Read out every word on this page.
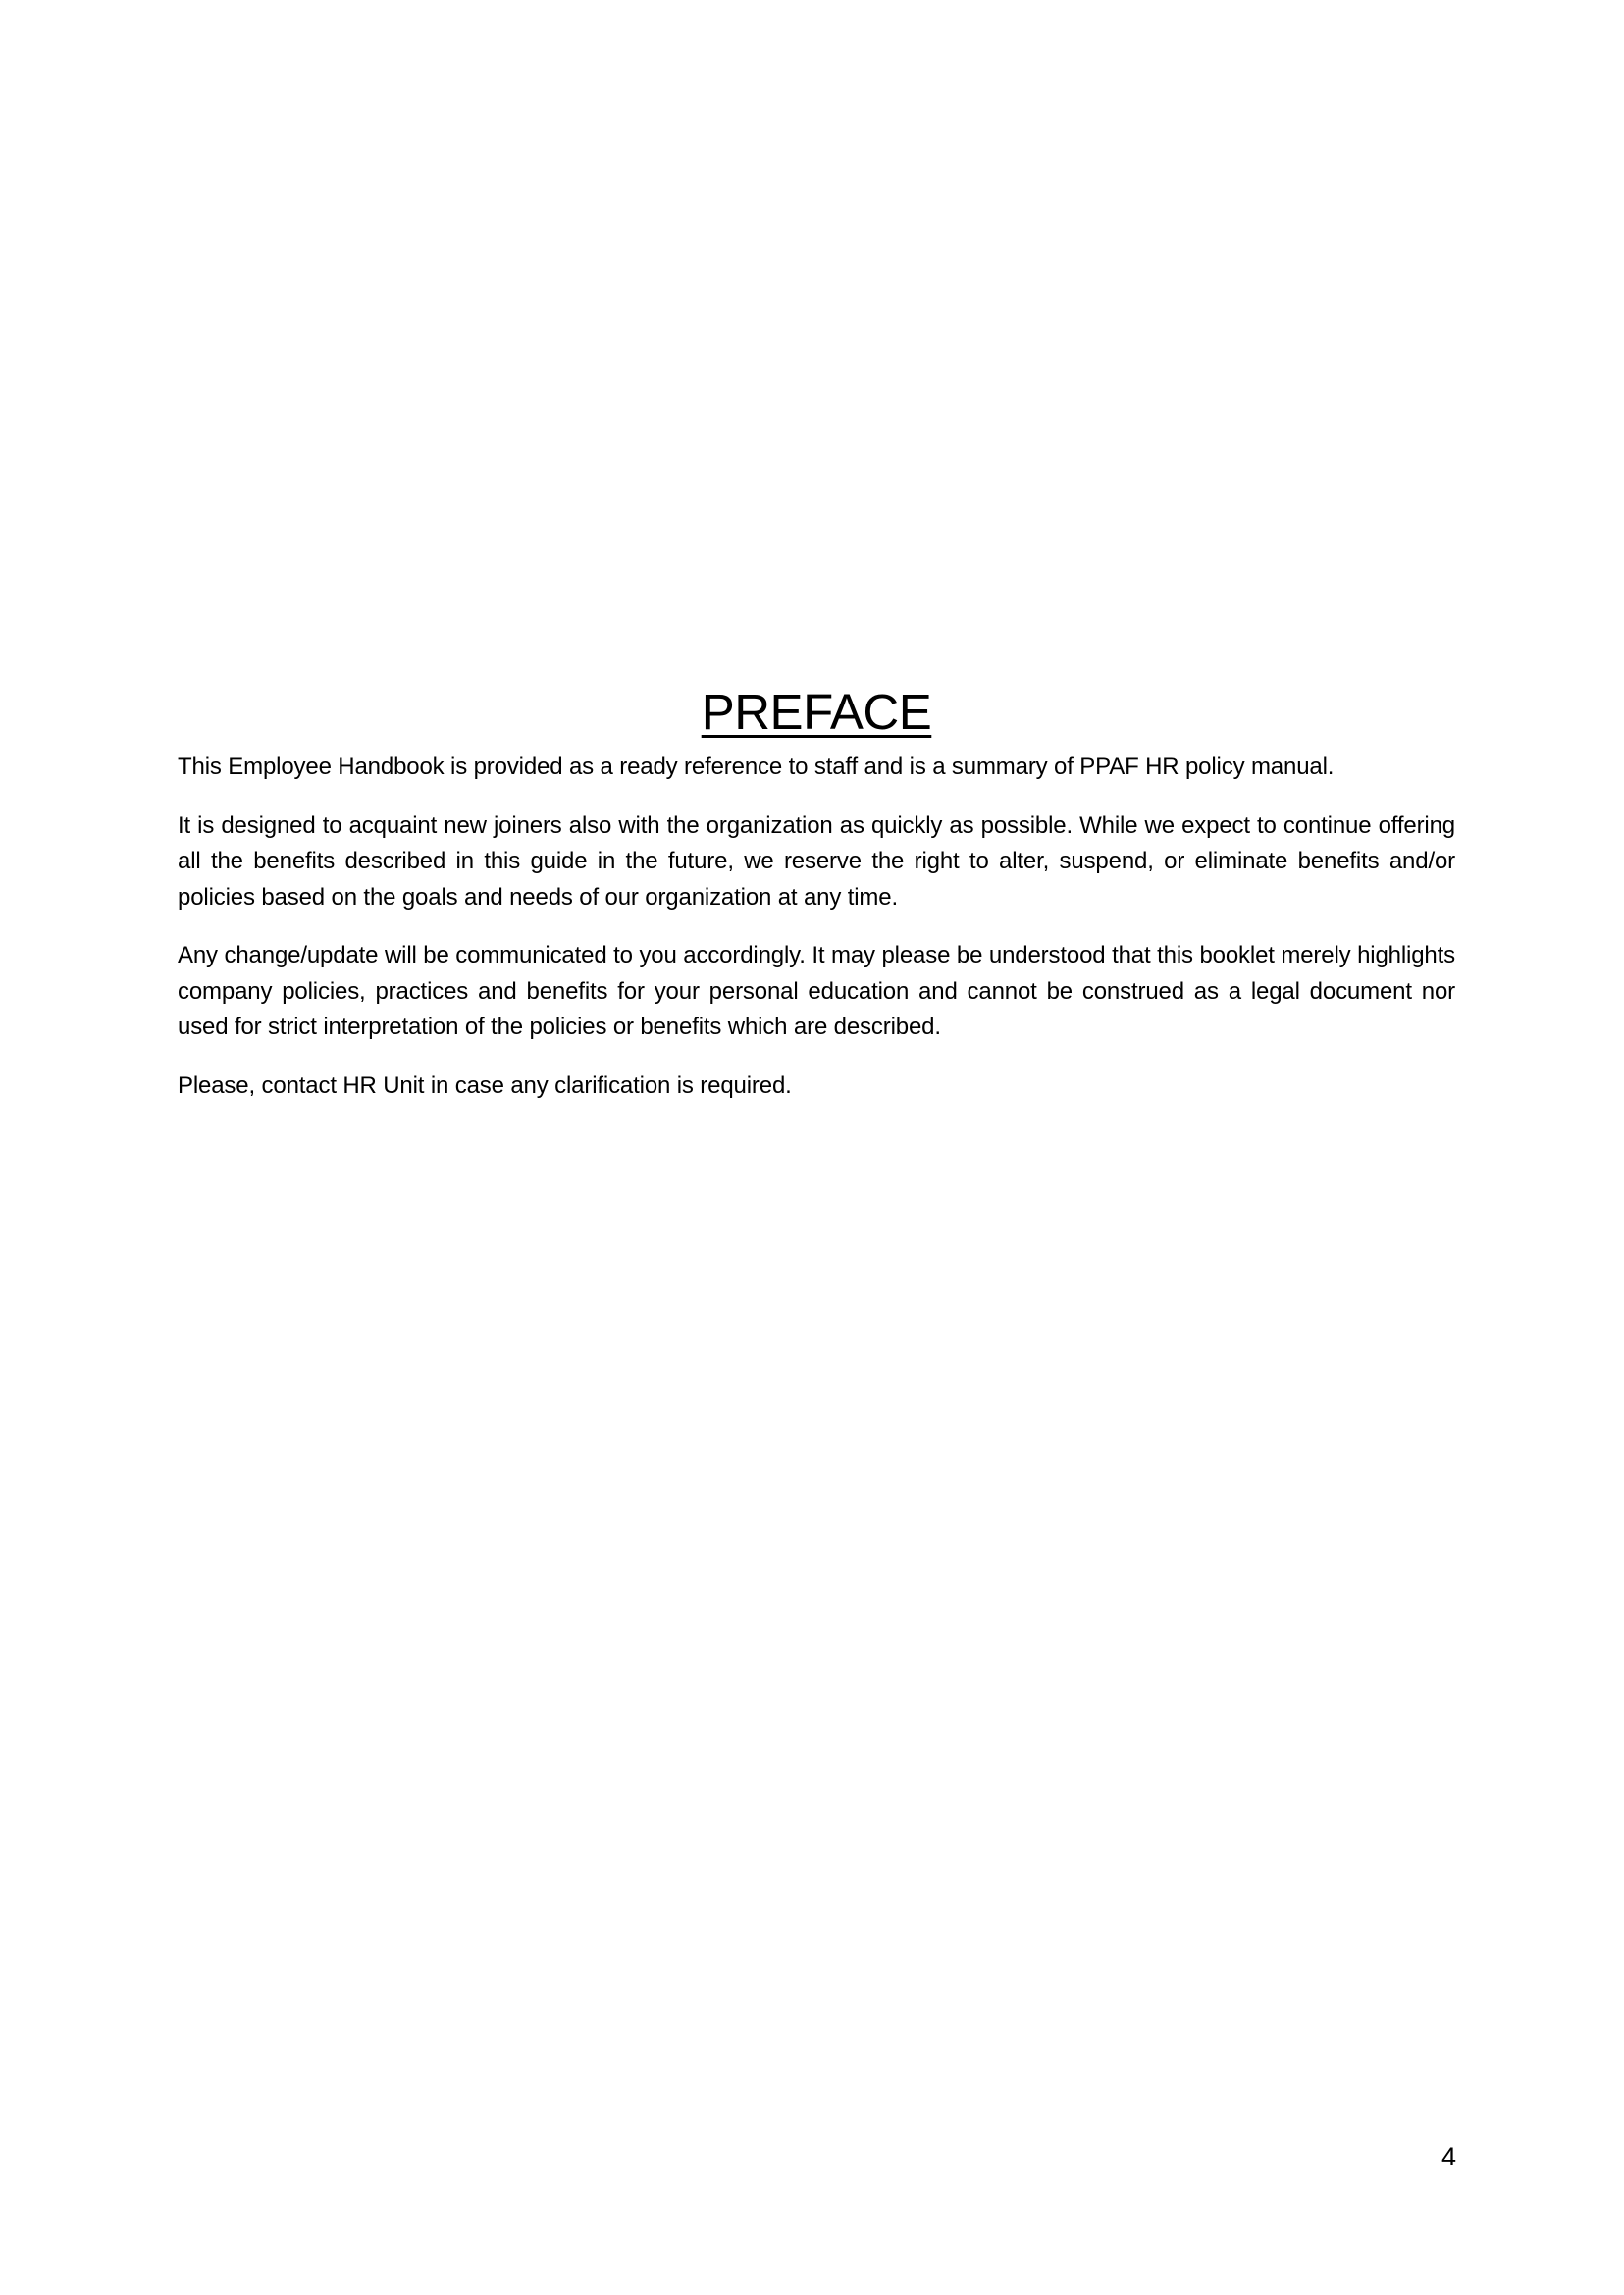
PREFACE

This Employee Handbook is provided as a ready reference to staff and is a summary of PPAF HR policy manual.

It is designed to acquaint new joiners also with the organization as quickly as possible. While we expect to continue offering all the benefits described in this guide in the future, we reserve the right to alter, suspend, or eliminate benefits and/or policies based on the goals and needs of our organization at any time.

Any change/update will be communicated to you accordingly. It may please be understood that this booklet merely highlights company policies, practices and benefits for your personal education and cannot be construed as a legal document nor used for strict interpretation of the policies or benefits which are described.

Please, contact HR Unit in case any clarification is required.

4
